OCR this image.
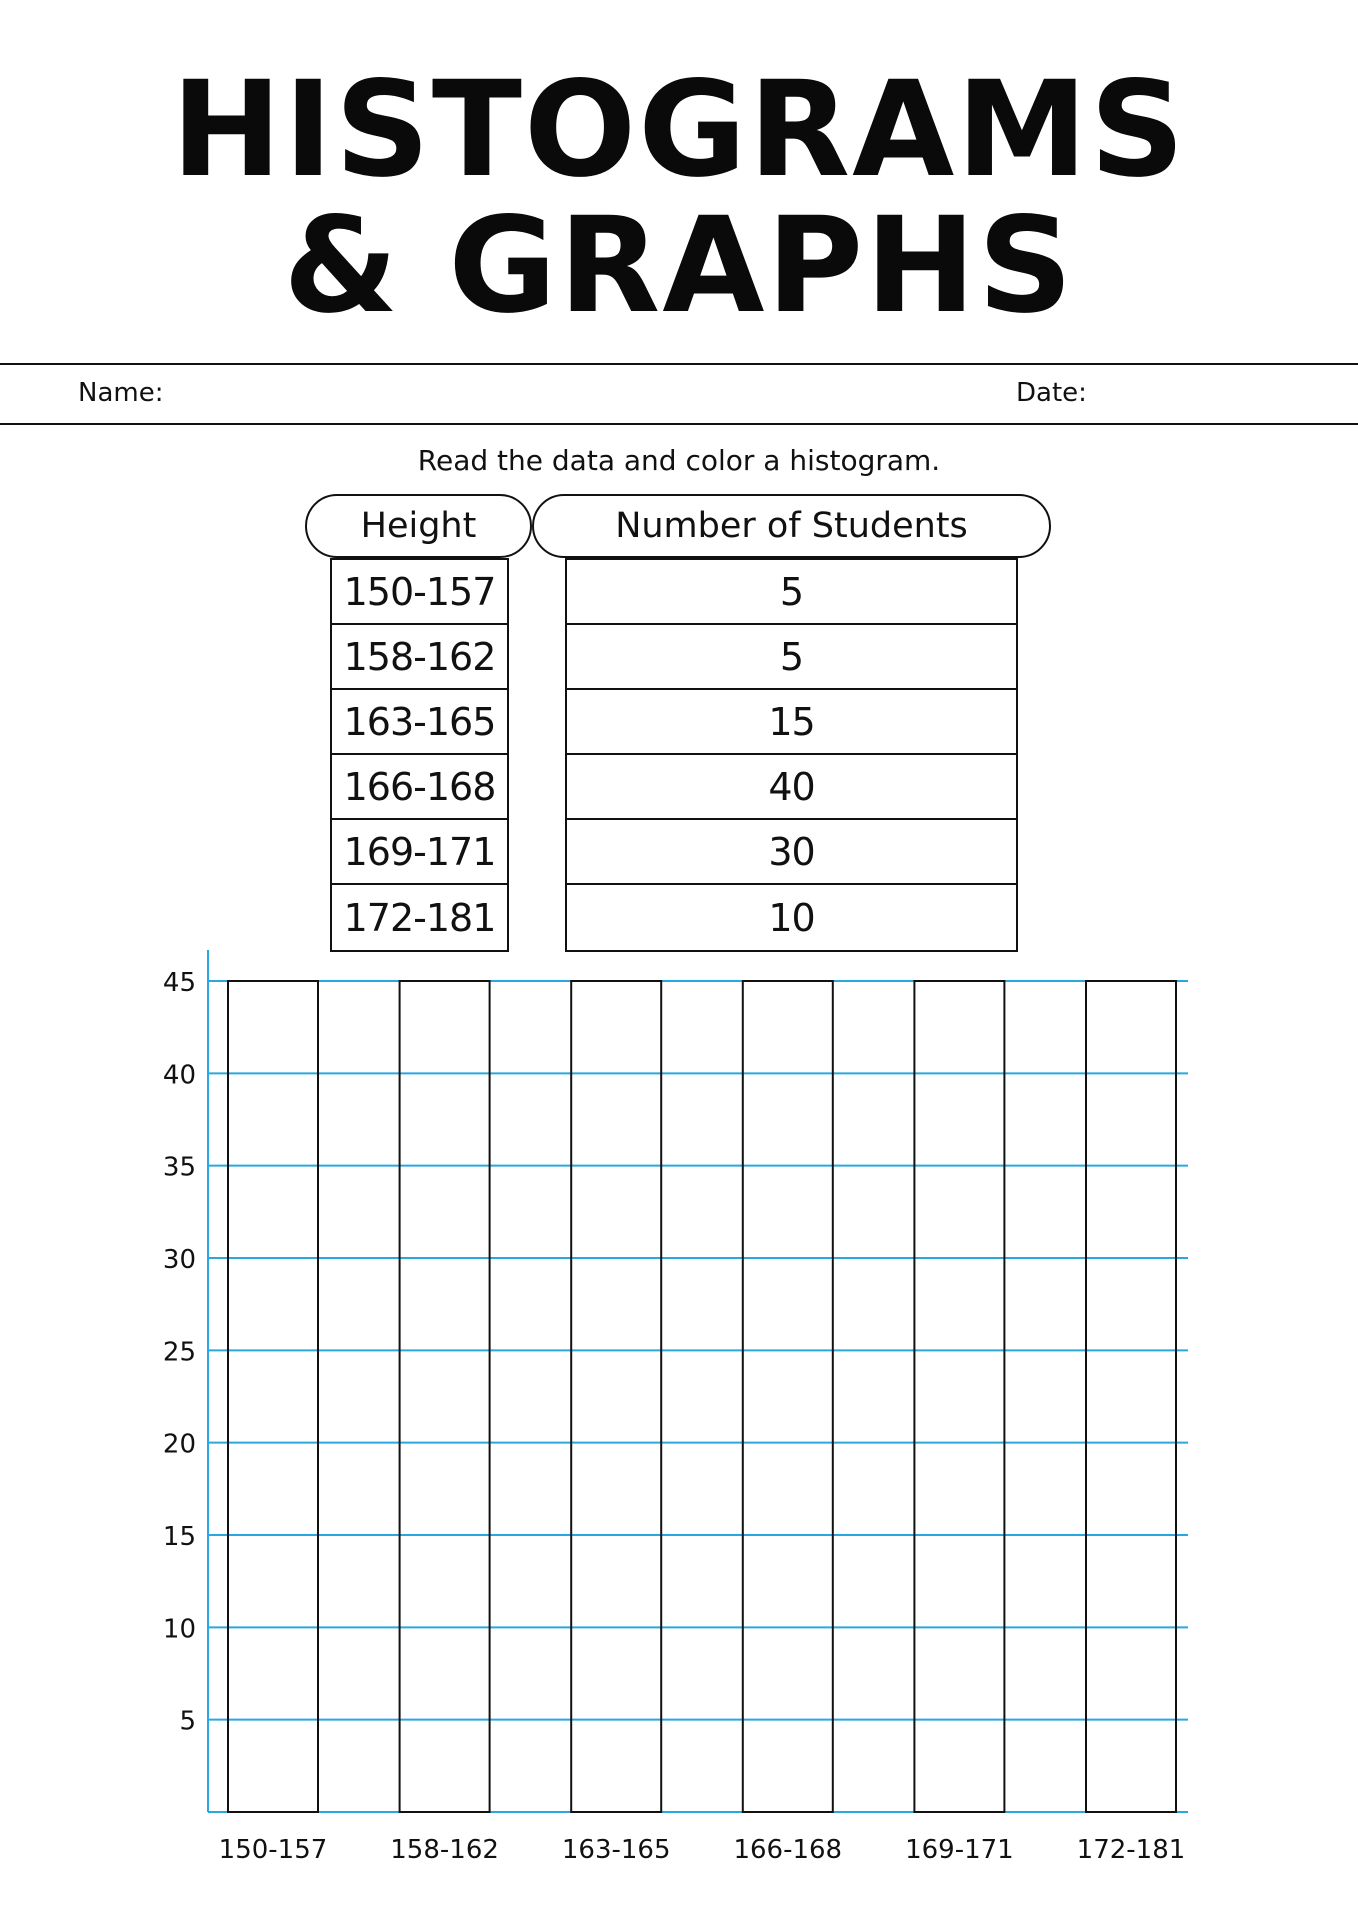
HISTOGRAMS
& GRAPHS
Name:	Date:
Read the data and color a histogram.
Height	Number of Students
150-157
158-162
163-165
166-168
169-171
172-181
5
5
15
40
30
10
5
10
15
20
25
30
35
40
45
150-157 158-162 163-165 166-168 169-171 172-181
